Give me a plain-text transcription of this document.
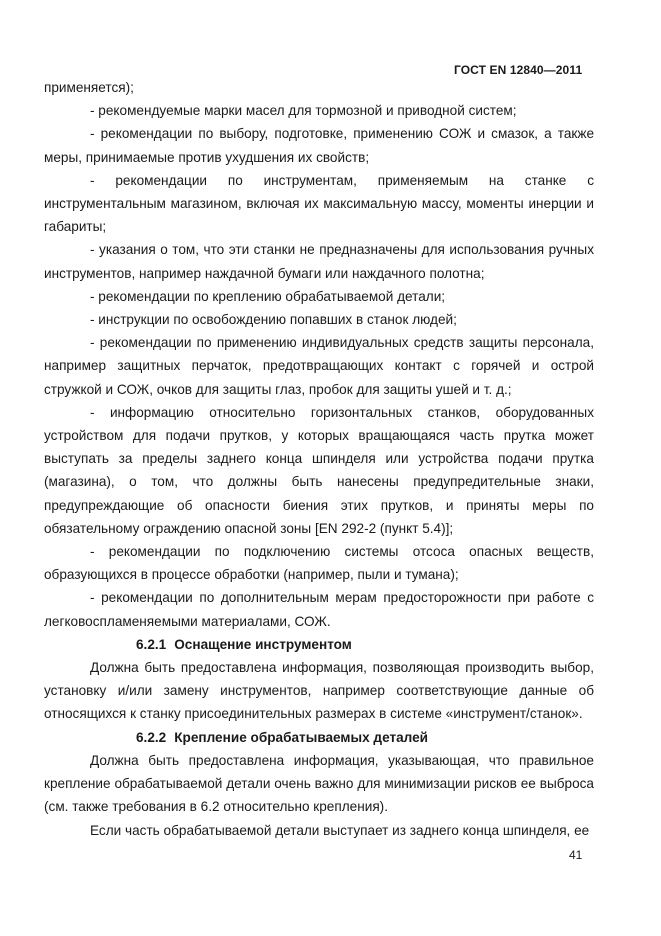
ГОСТ EN 12840—2011

применяется);

- рекомендуемые марки масел для тормозной и приводной систем;

- рекомендации по выбору, подготовке, применению СОЖ и смазок, а также меры, принимаемые против ухудшения их свойств;

- рекомендации по инструментам, применяемым на станке с инструментальным магазином, включая их максимальную массу, моменты инерции и габариты;

- указания о том, что эти станки не предназначены для использования ручных инструментов, например наждачной бумаги или наждачного полотна;

- рекомендации по креплению обрабатываемой детали;

- инструкции по освобождению попавших в станок людей;

- рекомендации по применению индивидуальных средств защиты персонала, например защитных перчаток, предотвращающих контакт с горячей и острой стружкой и СОЖ, очков для защиты глаз, пробок для защиты ушей и т. д.;

- информацию относительно горизонтальных станков, оборудованных устройством для подачи прутков, у которых вращающаяся часть прутка может выступать за пределы заднего конца шпинделя или устройства подачи прутка (магазина), о том, что должны быть нанесены предупредительные знаки, предупреждающие об опасности биения этих прутков, и приняты меры по обязательному ограждению опасной зоны [EN 292-2 (пункт 5.4)];

- рекомендации по подключению системы отсоса опасных веществ, образующихся в процессе обработки (например, пыли и тумана);

- рекомендации по дополнительным мерам предосторожности при работе с легковоспламеняемыми материалами, СОЖ.

6.2.1 Оснащение инструментом

Должна быть предоставлена информация, позволяющая производить выбор, установку и/или замену инструментов, например соответствующие данные об относящихся к станку присоединительных размерах в системе «инструмент/станок».

6.2.2 Крепление обрабатываемых деталей

Должна быть предоставлена информация, указывающая, что правильное крепление обрабатываемой детали очень важно для минимизации рисков ее выброса (см. также требования в 6.2 относительно крепления).

Если часть обрабатываемой детали выступает из заднего конца шпинделя, ее

41
